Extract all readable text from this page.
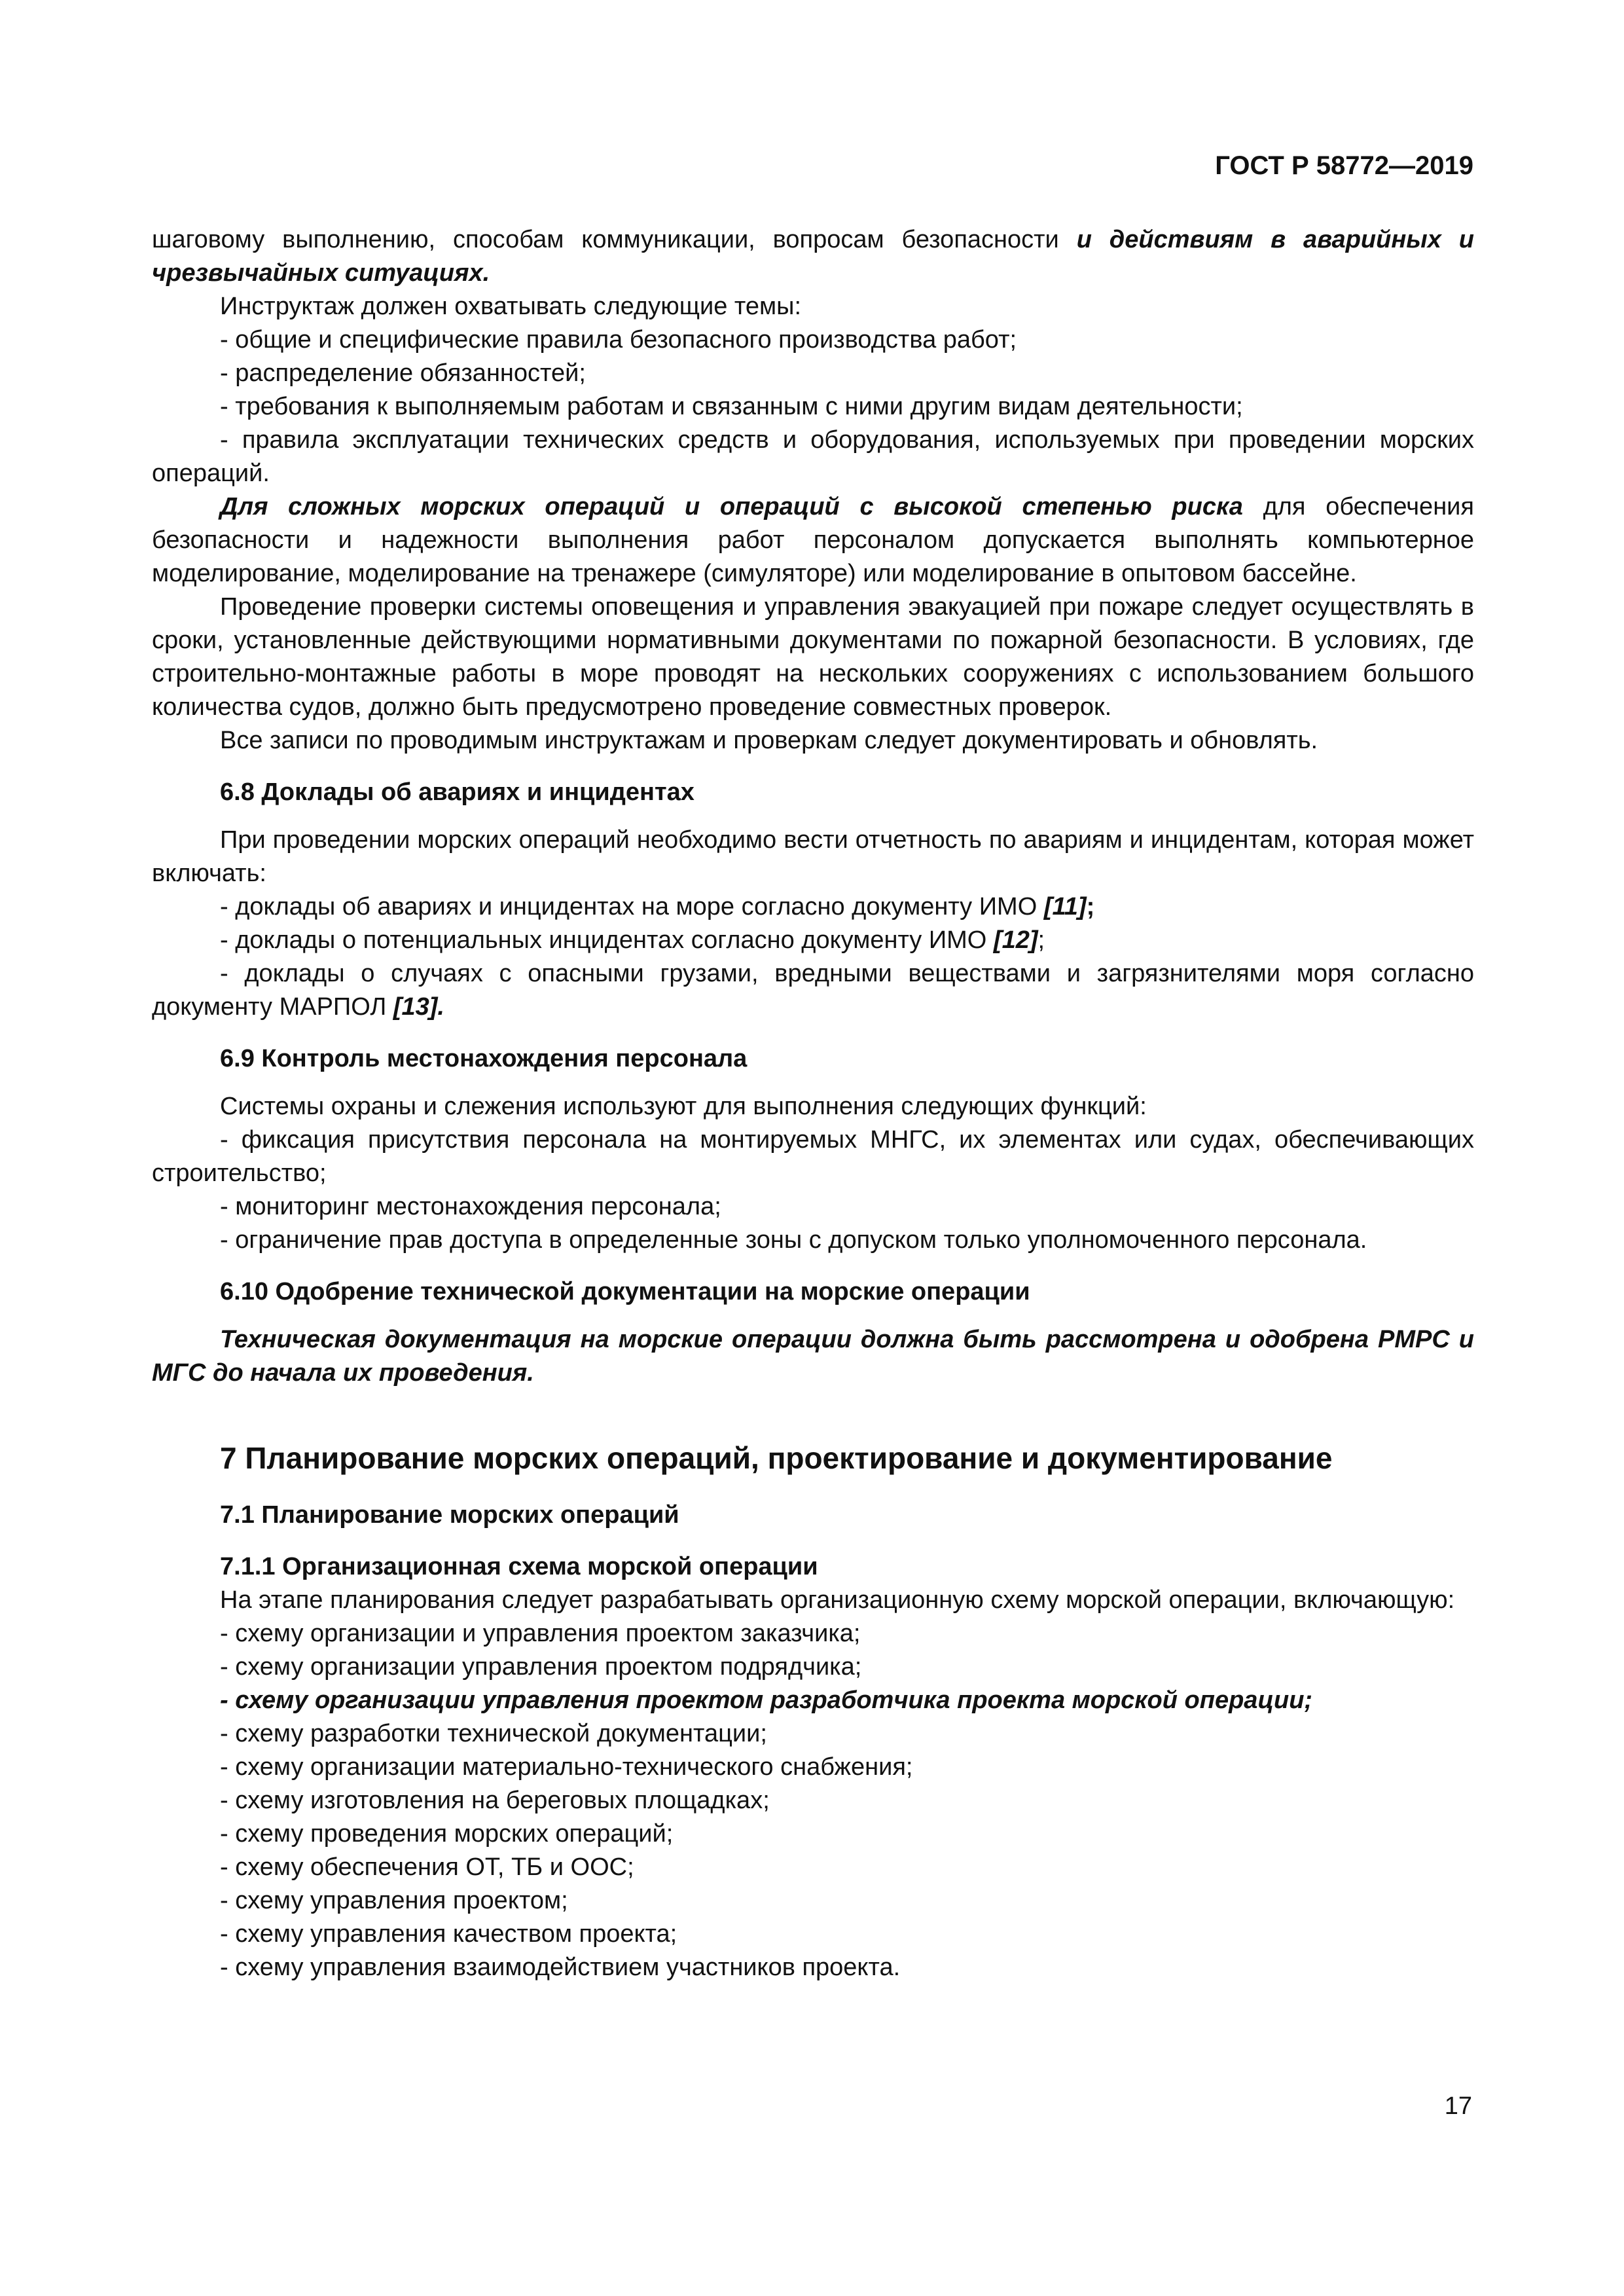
ГОСТ Р 58772—2019

шаговому выполнению, способам коммуникации, вопросам безопасности и действиям в аварийных и чрезвычайных ситуациях.

Инструктаж должен охватывать следующие темы:

- общие и специфические правила безопасного производства работ;

- распределение обязанностей;

- требования к выполняемым работам и связанным с ними другим видам деятельности;

- правила эксплуатации технических средств и оборудования, используемых при проведении морских операций.

Для сложных морских операций и операций с высокой степенью риска для обеспечения безопасности и надежности выполнения работ персоналом допускается выполнять компьютерное моделирование, моделирование на тренажере (симуляторе) или моделирование в опытовом бассейне.

Проведение проверки системы оповещения и управления эвакуацией при пожаре следует осуществлять в сроки, установленные действующими нормативными документами по пожарной безопасности. В условиях, где строительно-монтажные работы в море проводят на нескольких сооружениях с использованием большого количества судов, должно быть предусмотрено проведение совместных проверок.

Все записи по проводимым инструктажам и проверкам следует документировать и обновлять.

6.8 Доклады об авариях и инцидентах

При проведении морских операций необходимо вести отчетность по авариям и инцидентам, которая может включать:

- доклады об авариях и инцидентах на море согласно документу ИМО [11];

- доклады о потенциальных инцидентах согласно документу ИМО [12];

- доклады о случаях с опасными грузами, вредными веществами и загрязнителями моря согласно документу МАРПОЛ [13].

6.9 Контроль местонахождения персонала

Системы охраны и слежения используют для выполнения следующих функций:

- фиксация присутствия персонала на монтируемых МНГС, их элементах или судах, обеспечивающих строительство;

- мониторинг местонахождения персонала;

- ограничение прав доступа в определенные зоны с допуском только уполномоченного персонала.

6.10 Одобрение технической документации на морские операции

Техническая документация на морские операции должна быть рассмотрена и одобрена РМРС и МГС до начала их проведения.

7 Планирование морских операций, проектирование и документирование
7.1 Планирование морских операций
7.1.1 Организационная схема морской операции

На этапе планирования следует разрабатывать организационную схему морской операции, включающую:

- схему организации и управления проектом заказчика;

- схему организации управления проектом подрядчика;

- схему организации управления проектом разработчика проекта морской операции;

- схему разработки технической документации;

- схему организации материально-технического снабжения;

- схему изготовления на береговых площадках;

- схему проведения морских операций;

- схему обеспечения ОТ, ТБ и ООС;

- схему управления проектом;

- схему управления качеством проекта;

- схему управления взаимодействием участников проекта.

17
